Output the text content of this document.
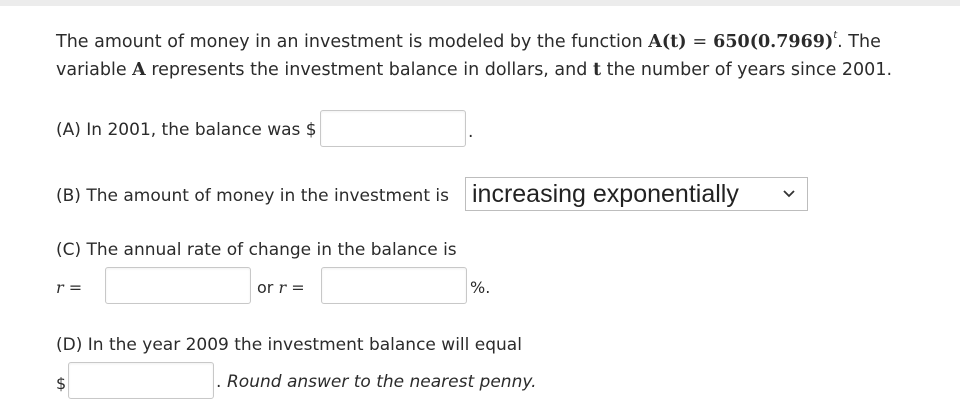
The amount of money in an investment is modeled by the function $A(t) = 650(0.7969)^t$. The
variable A represents the investment balance in dollars, and t the number of years since 2001.
(A) In 2001, the balance was $	.
(B) The amount of money in the investment is increasing exponentially
(C) The annual rate of change in the balance is
r =	or r =	%.
(D) In the year 2009 the investment balance will equal
$	. Round answer to the nearest penny.
